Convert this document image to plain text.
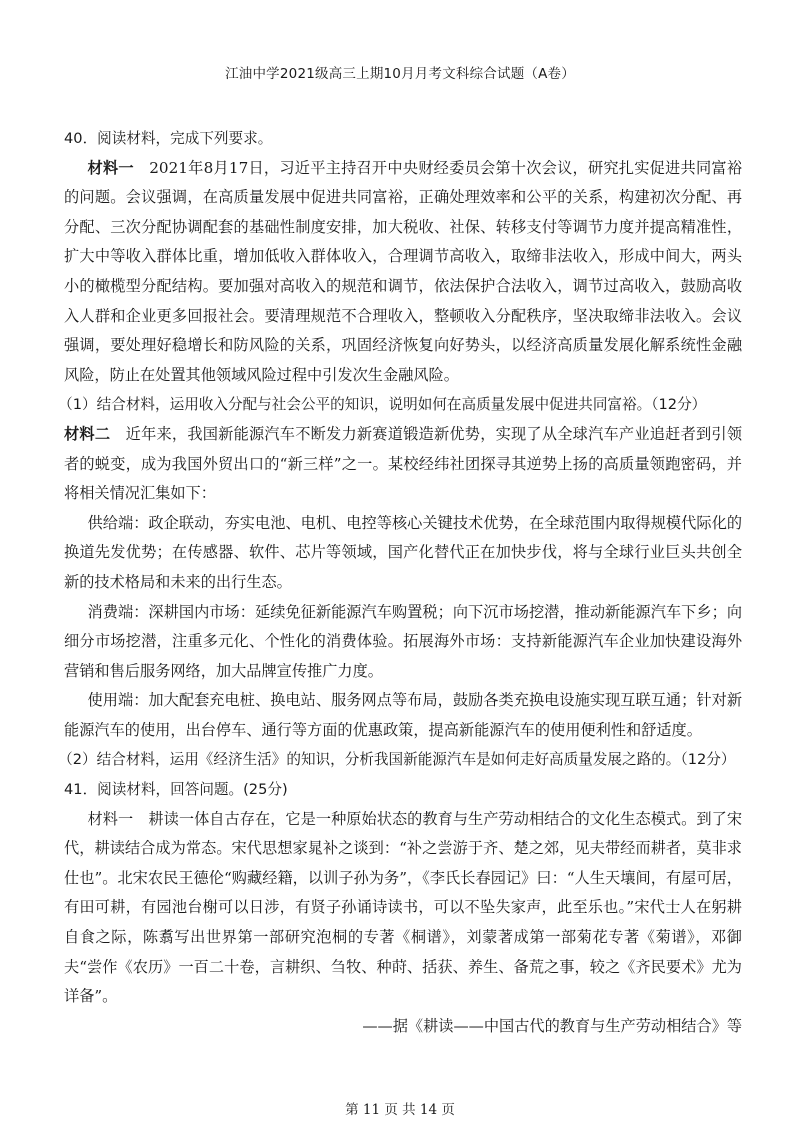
江油中学2021级高三上期10月月考文科综合试题（A卷）

40．阅读材料，完成下列要求。

材料一　2021年8月17日，习近平主持召开中央财经委员会第十次会议，研究扎实促进共同富裕的问题。会议强调，在高质量发展中促进共同富裕，正确处理效率和公平的关系，构建初次分配、再分配、三次分配协调配套的基础性制度安排，加大税收、社保、转移支付等调节力度并提高精准性，扩大中等收入群体比重，增加低收入群体收入，合理调节高收入，取缔非法收入，形成中间大，两头小的橄榄型分配结构。要加强对高收入的规范和调节，依法保护合法收入，调节过高收入，鼓励高收入人群和企业更多回报社会。要清理规范不合理收入，整顿收入分配秩序，坚决取缔非法收入。会议强调，要处理好稳增长和防风险的关系，巩固经济恢复向好势头，以经济高质量发展化解系统性金融风险，防止在处置其他领域风险过程中引发次生金融风险。

（1）结合材料，运用收入分配与社会公平的知识，说明如何在高质量发展中促进共同富裕。（12分）

材料二　近年来，我国新能源汽车不断发力新赛道锻造新优势，实现了从全球汽车产业追赶者到引领者的蜕变，成为我国外贸出口的“新三样”之一。某校经纬社团探寻其逆势上扬的高质量领跑密码，并将相关情况汇集如下：

供给端：政企联动，夯实电池、电机、电控等核心关键技术优势，在全球范围内取得规模代际化的换道先发优势；在传感器、软件、芯片等领域，国产化替代正在加快步伐，将与全球行业巨头共创全新的技术格局和未来的出行生态。

消费端：深耕国内市场：延续免征新能源汽车购置税；向下沉市场挖潜，推动新能源汽车下乡；向细分市场挖潜，注重多元化、个性化的消费体验。拓展海外市场：支持新能源汽车企业加快建设海外营销和售后服务网络，加大品牌宣传推广力度。

使用端：加大配套充电桩、换电站、服务网点等布局，鼓励各类充换电设施实现互联互通；针对新能源汽车的使用，出台停车、通行等方面的优惠政策，提高新能源汽车的使用便利性和舒适度。

（2）结合材料，运用《经济生活》的知识，分析我国新能源汽车是如何走好高质量发展之路的。（12分）

41．阅读材料，回答问题。(25分)

材料一　耕读一体自古存在，它是一种原始状态的教育与生产劳动相结合的文化生态模式。到了宋代，耕读结合成为常态。宋代思想家晁补之谈到：“补之尝游于齐、楚之郊，见夫带经而耕者，莫非求仕也”。北宋农民王德伦“购藏经籍，以训子孙为务”，《李氏长春园记》曰：“人生天壤间，有屋可居，有田可耕，有园池台榭可以日涉，有贤子孙诵诗读书，可以不坠失家声，此至乐也。”宋代士人在躬耕自食之际，陈翥写出世界第一部研究泡桐的专著《桐谱》，刘蒙著成第一部菊花专著《菊谱》，邓御夫“尝作《农历》一百二十卷，言耕织、刍牧、种莳、括获、养生、备荒之事，较之《齐民要术》尤为详备”。

——据《耕读——中国古代的教育与生产劳动相结合》等

第 11 页 共 14 页
